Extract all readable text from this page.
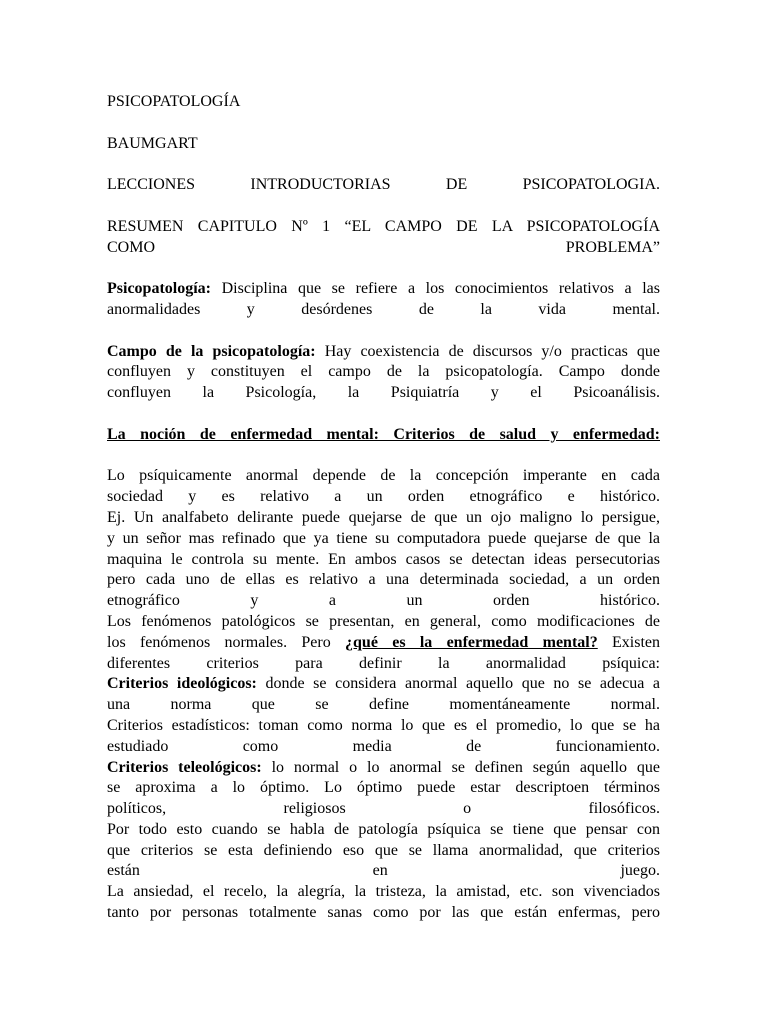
PSICOPATOLOGÍA

BAUMGART

LECCIONES INTRODUCTORIAS DE PSICOPATOLOGIA.

RESUMEN CAPITULO Nº 1 “EL CAMPO DE LA PSICOPATOLOGÍA
COMO PROBLEMA”

Psicopatología: Disciplina que se refiere a los conocimientos relativos a las
anormalidades y desórdenes de la vida mental.

Campo de la psicopatología: Hay coexistencia de discursos y/o practicas que
confluyen y constituyen el campo de la psicopatología. Campo donde
confluyen la Psicología, la Psiquiatría y el Psicoanálisis.

La noción de enfermedad mental: Criterios de salud y enfermedad:

Lo psíquicamente anormal depende de la concepción imperante en cada
sociedad y es relativo a un orden etnográfico e histórico.
Ej. Un analfabeto delirante puede quejarse de que un ojo maligno lo persigue,
y un señor mas refinado que ya tiene su computadora puede quejarse de que la
maquina le controla su mente. En ambos casos se detectan ideas persecutorias
pero cada uno de ellas es relativo a una determinada sociedad, a un orden
etnográfico y a un orden histórico.
Los fenómenos patológicos se presentan, en general, como modificaciones de
los fenómenos normales. Pero ¿qué es la enfermedad mental? Existen
diferentes criterios para definir la anormalidad psíquica:
Criterios ideológicos: donde se considera anormal aquello que no se adecua a
una norma que se define momentáneamente normal.
Criterios estadísticos: toman como norma lo que es el promedio, lo que se ha
estudiado como media de funcionamiento.
Criterios teleológicos: lo normal o lo anormal se definen según aquello que
se aproxima a lo óptimo. Lo óptimo puede estar descriptoen términos
políticos, religiosos o filosóficos.
Por todo esto cuando se habla de patología psíquica se tiene que pensar con
que criterios se esta definiendo eso que se llama anormalidad, que criterios
están en juego.
La ansiedad, el recelo, la alegría, la tristeza, la amistad, etc. son vivenciados
tanto por personas totalmente sanas como por las que están enfermas, pero
